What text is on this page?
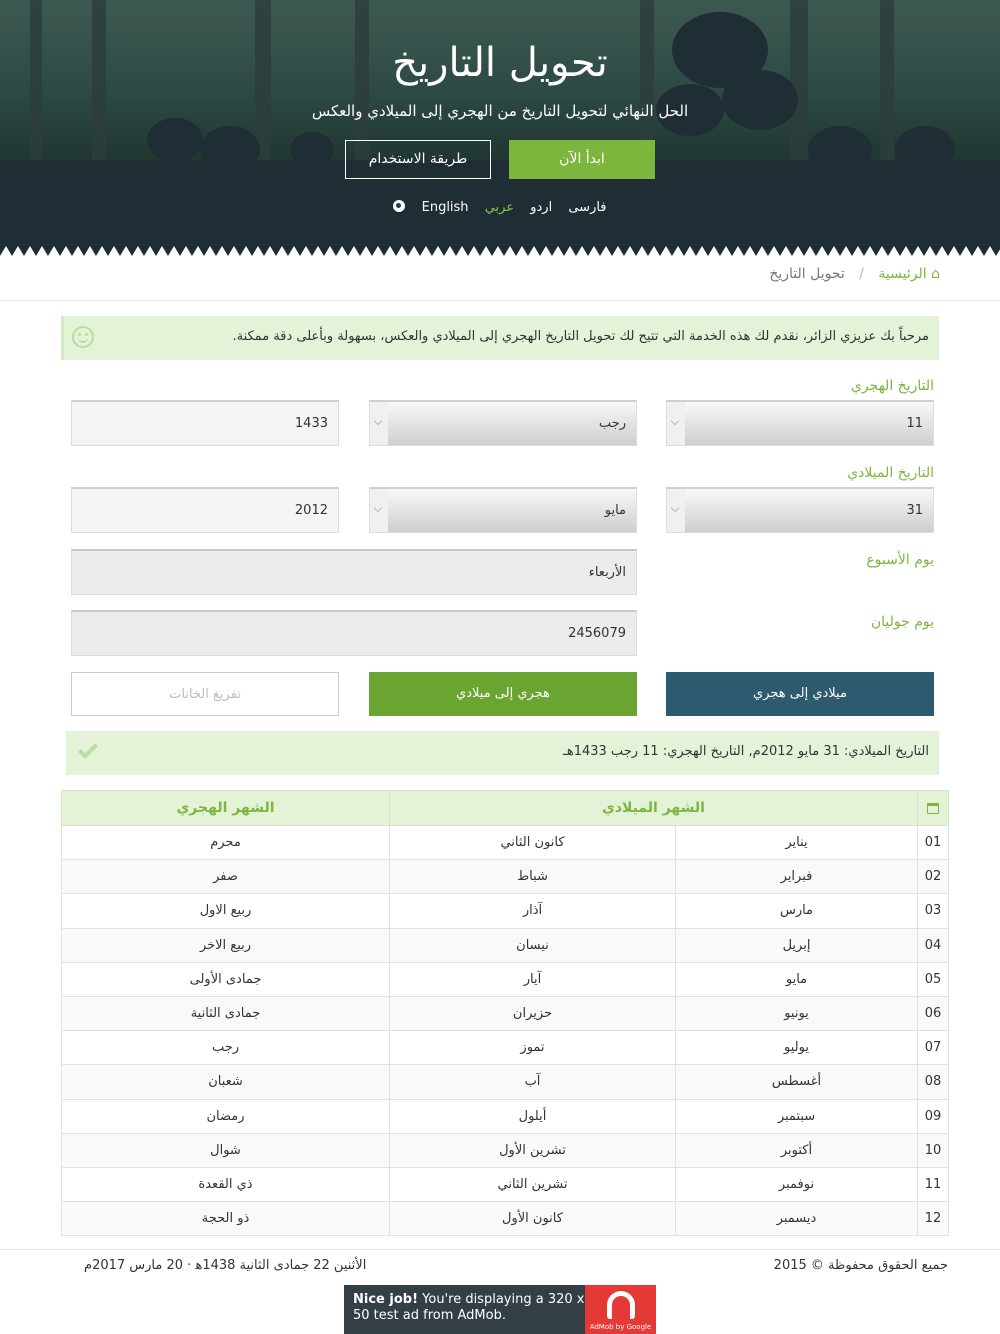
تحويل التاريخ
الحل النهائي لتحويل التاريخ من الهجري إلى الميلادي والعكس
ابدأ الآن
طريقة الاستخدام
فارسی اردو عربي English
⌂ الرئيسية / تحويل التاريخ
مرحباً بك عزيزي الزائر، نقدم لك هذه الخدمة التي تتيح لك تحويل التاريخ الهجري إلى الميلادي والعكس، بسهولة وبأعلى دقة ممكنة.
التاريخ الهجري
11
رجب
1433
التاريخ الميلادي
31
مايو
2012
يوم الأسبوع
الأربعاء
يوم جوليان
2456079
ميلادي إلى هجري
هجري إلى ميلادي
تفريغ الخانات
التاريخ الميلادي: 31 مايو 2012م, التاريخ الهجري: 11 رجب 1433هـ
الشهر الهجري	الشهر الميلادي		
محرم	كانون الثاني	يناير	01
صفر	شباط	فبراير	02
ربيع الاول	آذار	مارس	03
ربيع الاخر	نيسان	إبريل	04
جمادى الأولى	آيار	مايو	05
جمادى الثانية	حزيران	يونيو	06
رجب	تموز	يوليو	07
شعبان	آب	أغسطس	08
رمضان	أيلول	سبتمبر	09
شوال	تشرين الأول	أكتوبر	10
ذي القعدة	تشرين الثاني	نوفمبر	11
ذو الحجة	كانون الأول	ديسمبر	12
جميع الحقوق محفوظة © 2015
الأثنين 22 جمادى الثانية 1438ﻫ · 20 مارس 2017م
Nice job! You're displaying a 320 x 50 test ad from AdMob.
AdMob by Google
